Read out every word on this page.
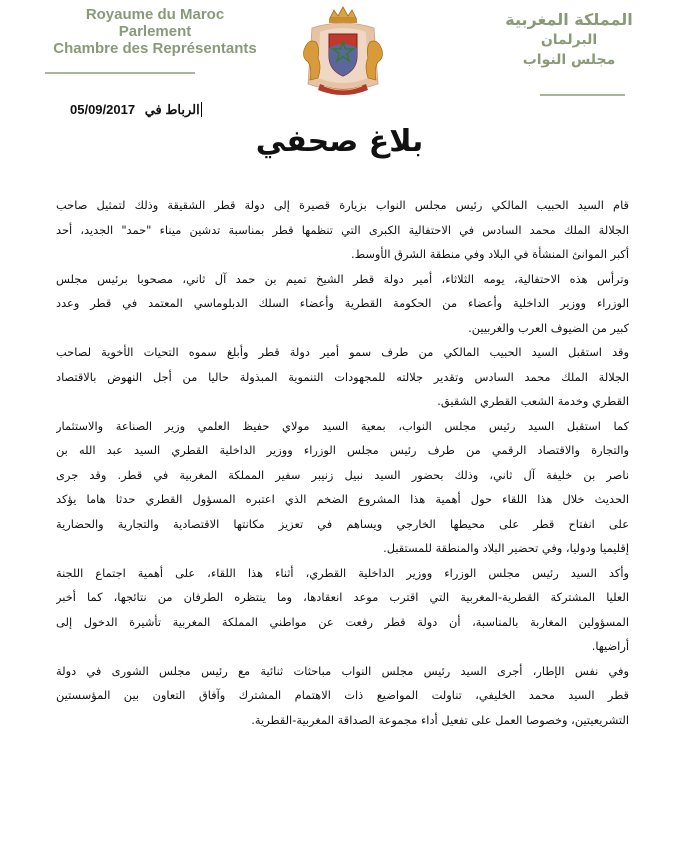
Royaume du Maroc
Parlement
Chambre des Représentants
المملكة المغربية
البرلمان
مجلس النواب
05/09/2017 الرباط في
بلاغ صحفي
قام السيد الحبيب المالكي رئيس مجلس النواب بزيارة قصيرة إلى دولة قطر الشقيقة وذلك لتمثيل صاحب
الجلالة الملك محمد السادس في الاحتفالية الكبرى التي تنظمها قطر بمناسبة تدشين ميناء "حمد" الجديد، أحد
أكبر الموانئ المنشأة في البلاد وفي منطقة الشرق الأوسط.
وترأس هذه الاحتفالية، يومه الثلاثاء، أمير دولة قطر الشيخ تميم بن حمد آل ثاني، مصحوبا برئيس مجلس
الوزراء ووزير الداخلية وأعضاء من الحكومة القطرية وأعضاء السلك الدبلوماسي المعتمد في قطر وعدد
كبير من الضيوف العرب والغربيين.
وقد استقبل السيد الحبيب المالكي من طرف سمو أمير دولة قطر وأبلغ سموه التحيات الأخوية لصاحب
الجلالة الملك محمد السادس وتقدير جلالته للمجهودات التنموية المبذولة حاليا من أجل النهوض بالاقتصاد
القطري وخدمة الشعب القطري الشقيق.
كما استقبل السيد رئيس مجلس النواب، بمعية السيد مولاي حفيظ العلمي وزير الصناعة والاستثمار
والتجارة والاقتصاد الرقمي من طرف رئيس مجلس الوزراء ووزير الداخلية القطري السيد عبد الله بن
ناصر بن خليفة آل ثاني، وذلك بحضور السيد نبيل زنيبر سفير المملكة المغربية في قطر. وقد جرى
الحديث خلال هذا اللقاء حول أهمية هذا المشروع الضخم الذي اعتبره المسؤول القطري حدثا هاما يؤكد
على انفتاح قطر على محيطها الخارجي ويساهم في تعزيز مكانتها الاقتصادية والتجارية والحضارية
إقليميا ودوليا، وفي تحضير البلاد والمنطقة للمستقبل.
وأكد السيد رئيس مجلس الوزراء ووزير الداخلية القطري، أثناء هذا اللقاء، على أهمية اجتماع اللجنة
العليا المشتركة القطرية-المغربية التي اقترب موعد انعقادها، وما ينتظره الطرفان من نتائجها، كما أخبر
المسؤولين المغاربة بالمناسبة، أن دولة قطر رفعت عن مواطني المملكة المغربية تأشيرة الدخول إلى
أراضيها.
وفي نفس الإطار، أجرى السيد رئيس مجلس النواب مباحثات ثنائية مع رئيس مجلس الشورى في دولة
قطر السيد محمد الخليفي، تناولت المواضيع ذات الاهتمام المشترك وآفاق التعاون بين المؤسستين
التشريعيتين، وخصوصا العمل على تفعيل أداء مجموعة الصداقة المغربية-القطرية.
